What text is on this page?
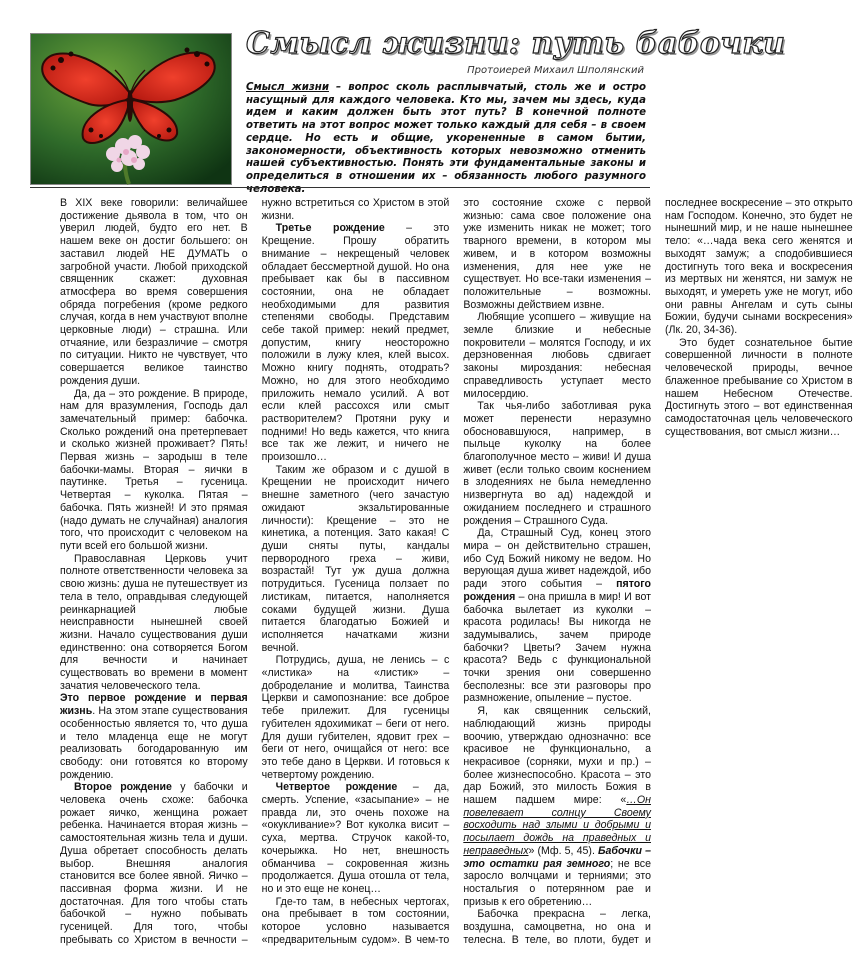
Смысл жизни: путь бабочки

Протоиерей Михаил Шполянский

Смысл жизни – вопрос сколь расплывчатый, столь же и остро насущный для каждого человека. Кто мы, зачем мы здесь, куда идем и каким должен быть этот путь? В конечной полноте ответить на этот вопрос может только каждый для себя – в своем сердце. Но есть и общие, укорененные в самом бытии, закономерности, объективность которых невозможно отменить нашей субъективностью. Понять эти фундаментальные законы и определиться в отношении их – обязанность любого разумного человека.

В XIX веке говорили: величайшее достижение дьявола в том, что он уверил людей, будто его нет. В нашем веке он достиг большего: он заставил людей НЕ ДУМАТЬ о загробной участи. Любой приходской священник скажет: духовная атмосфера во время совершения обряда погребения (кроме редкого случая, когда в нем участвуют вполне церковные люди) – страшна. Или отчаяние, или безразличие – смотря по ситуации. Никто не чувствует, что совершается великое таинство рождения души.

Да, да – это рождение. В природе, нам для вразумления, Господь дал замечательный пример: бабочка. Сколько рождений она претерпевает и сколько жизней проживает? Пять! Первая жизнь – зародыш в теле бабочки-мамы. Вторая – яички в паутинке. Третья – гусеница. Четвертая – куколка. Пятая – бабочка. Пять жизней! И это прямая (надо думать не случайная) аналогия того, что происходит с человеком на пути всей его большой жизни.

Православная Церковь учит полноте ответственности человека за свою жизнь: душа не путешествует из тела в тело, оправдывая следующей реинкарнацией любые неисправности нынешней своей жизни. Начало существования души единственно: она сотворяется Богом для вечности и начинает существовать во времени в момент зачатия человеческого тела.

Это первое рождение и первая жизнь. На этом этапе существования особенностью является то, что душа и тело младенца еще не могут реализовать богодарованную им свободу: они готовятся ко второму рождению.

Второе рождение у бабочки и человека очень схоже: бабочка рожает яичко, женщина рожает ребенка. Начинается вторая жизнь – самостоятельная жизнь тела и души. Душа обретает способность делать выбор. Внешняя аналогия становится все более явной. Яичко – пассивная форма жизни. И не достаточная. Для того чтобы стать бабочкой – нужно побывать гусеницей. Для того, чтобы пребывать со Христом в вечности – нужно встретиться со Христом в этой жизни.

Третье рождение – это Крещение. Прошу обратить внимание – некрещеный человек обладает бессмертной душой. Но она пребывает как бы в пассивном состоянии, она не обладает необходимыми для развития степенями свободы. Представим себе такой пример: некий предмет, допустим, книгу неосторожно положили в лужу клея, клей высох. Можно книгу поднять, отодрать? Можно, но для этого необходимо приложить немало усилий. А вот если клей рассохся или смыт растворителем? Протяни руку и подними! Но ведь кажется, что книга все так же лежит, и ничего не произошло…

Таким же образом и с душой в Крещении не происходит ничего внешне заметного (чего зачастую ожидают экзальтированные личности): Крещение – это не кинетика, а потенция. Зато какая! С души сняты путы, кандалы первородного греха – живи, возрастай! Тут уж душа должна потрудиться. Гусеница ползает по листикам, питается, наполняется соками будущей жизни. Душа питается благодатью Божией и исполняется начатками жизни вечной.

Потрудись, душа, не ленись – с «листика» на «листик» – доброделание и молитва, Таинства Церкви и самопознание: все доброе тебе прилежит. Для гусеницы губителен ядохимикат – беги от него. Для души губителен, ядовит грех – беги от него, очищайся от него: все это тебе дано в Церкви. И готовься к четвертому рождению.

Четвертое рождение – да, смерть. Успение, «засыпание» – не правда ли, это очень похоже на «окукливание»? Вот куколка висит – суха, мертва. Стручок какой-то, кочерыжка. Но нет, внешность обманчива – сокровенная жизнь продолжается. Душа отошла от тела, но и это еще не конец…

Где-то там, в небесных чертогах, она пребывает в том состоянии, которое условно называется «предварительным судом». В чем-то это состояние схоже с первой жизнью: сама свое положение она уже изменить никак не может; того тварного времени, в котором мы живем, и в котором возможны изменения, для нее уже не существует. Но все-таки изменения – положительные – возможны. Возможны действием извне.

Любящие усопшего – живущие на земле близкие и небесные покровители – молятся Господу, и их дерзновенная любовь сдвигает законы мироздания: небесная справедливость уступает место милосердию.

Так чья-либо заботливая рука может перенести неразумно обосновавшуюся, например, в пыльце куколку на более благополучное место – живи! И душа живет (если только своим коснением в злодеяниях не была немедленно низвергнута во ад) надеждой и ожиданием последнего и страшного рождения – Страшного Суда.

Да, Страшный Суд, конец этого мира – он действительно страшен, ибо Суд Божий никому не ведом. Но верующая душа живет надеждой, ибо ради этого события – пятого рождения – она пришла в мир! И вот бабочка вылетает из куколки – красота родилась! Вы никогда не задумывались, зачем природе бабочки? Цветы? Зачем нужна красота? Ведь с функциональной точки зрения они совершенно бесполезны: все эти разговоры про размножение, опыление – пустое.

Я, как священник сельский, наблюдающий жизнь природы воочию, утверждаю однозначно: все красивое не функционально, а некрасивое (сорняки, мухи и пр.) – более жизнеспособно. Красота – это дар Божий, это милость Божия в нашем падшем мире: «…Он повелевает солнцу Своему восходить над злыми и добрыми и посылает дождь на праведных и неправедных» (Мф. 5, 45). Бабочки – это остатки рая земного; не все заросло волчцами и терниями; это ностальгия о потерянном рае и призыв к его обретению…

Бабочка прекрасна – легка, воздушна, самоцветна, но она и телесна. В теле, во плоти, будет и последнее воскресение – это открыто нам Господом. Конечно, это будет не нынешний мир, и не наше нынешнее тело: «…чада века сего женятся и выходят замуж; а сподобившиеся достигнуть того века и воскресения из мертвых ни женятся, ни замуж не выходят, и умереть уже не могут, ибо они равны Ангелам и суть сыны Божии, будучи сынами воскресения» (Лк. 20, 34-36).

Это будет сознательное бытие совершенной личности в полноте человеческой природы, вечное блаженное пребывание со Христом в нашем Небесном Отечестве. Достигнуть этого – вот единственная самодостаточная цель человеческого существования, вот смысл жизни…
